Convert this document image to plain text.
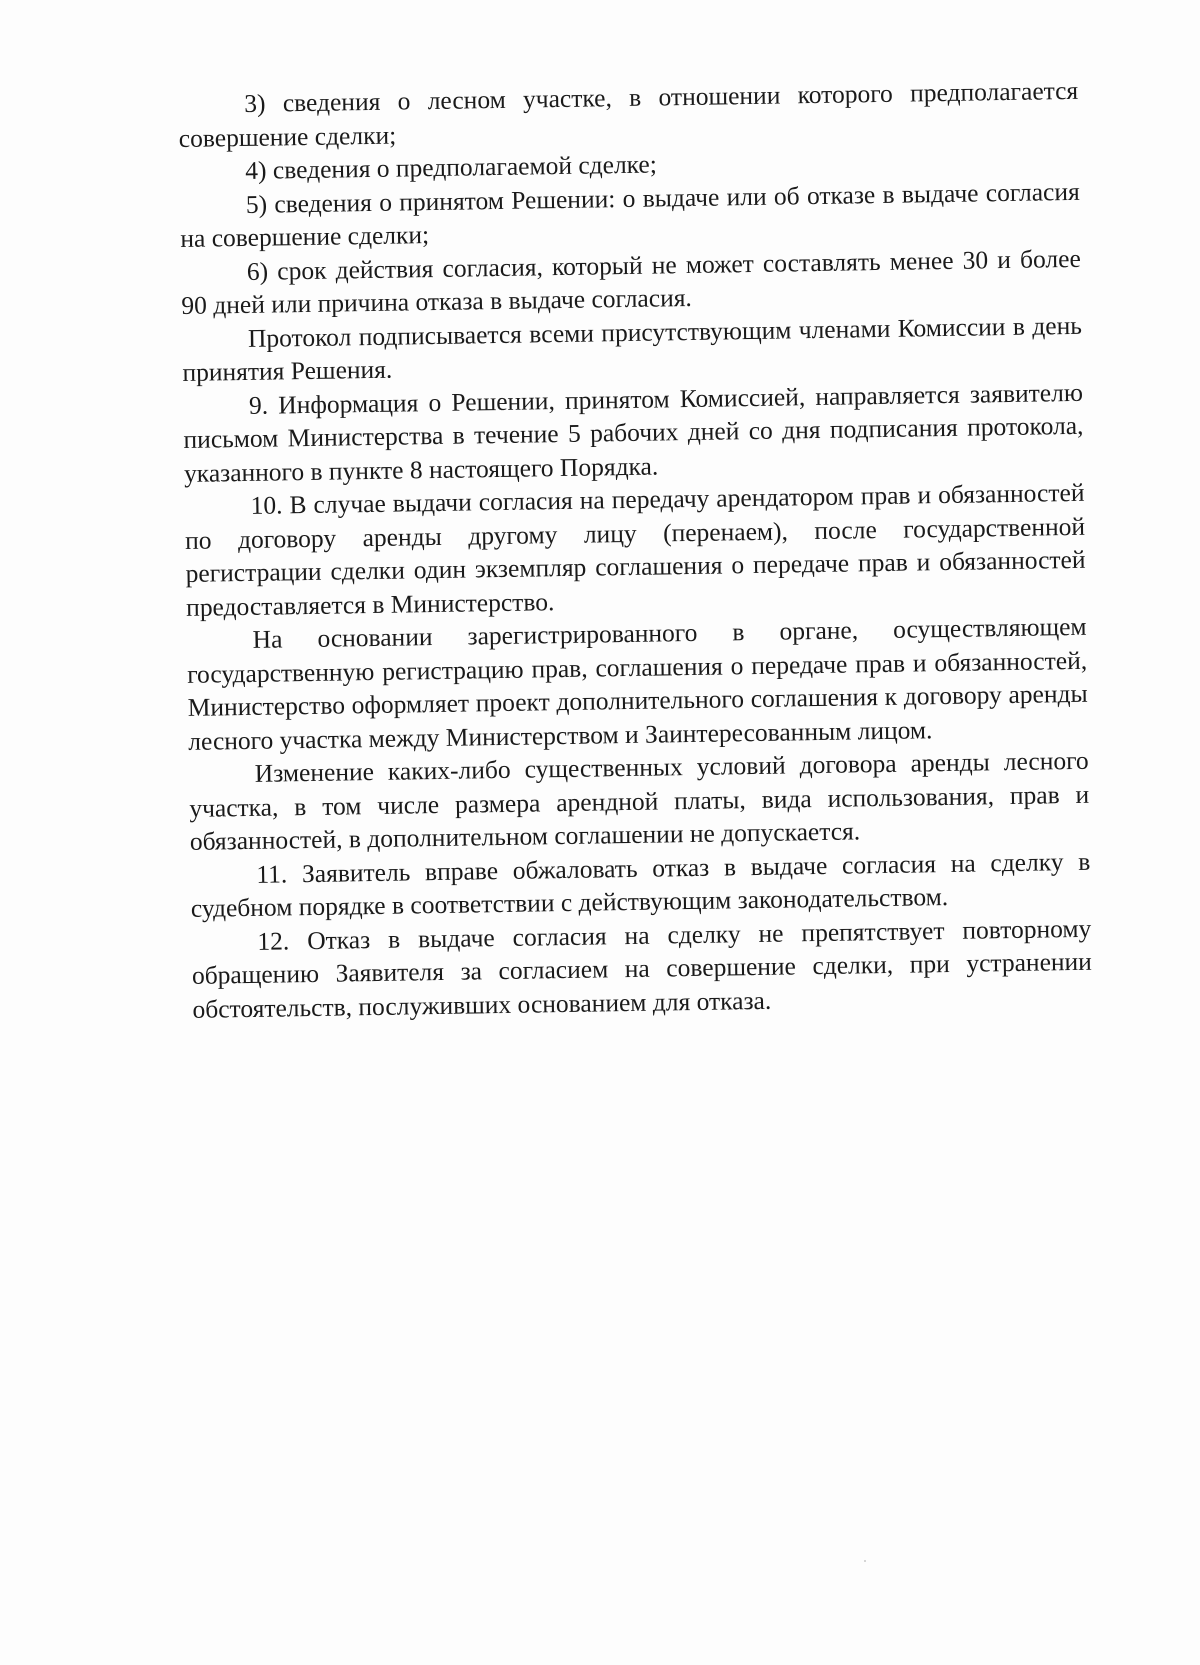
3) сведения о лесном участке, в отношении которого предполагается совершение сделки;

4) сведения о предполагаемой сделке;

5) сведения о принятом Решении: о выдаче или об отказе в выдаче согласия на совершение сделки;

6) срок действия согласия, который не может составлять менее 30 и более 90 дней или причина отказа в выдаче согласия.

Протокол подписывается всеми присутствующим членами Комиссии в день принятия Решения.

9. Информация о Решении, принятом Комиссией, направляется заявителю письмом Министерства в течение 5 рабочих дней со дня подписания протокола, указанного в пункте 8 настоящего Порядка.

10. В случае выдачи согласия на передачу арендатором прав и обязанностей по договору аренды другому лицу (перенаем), после государственной регистрации сделки один экземпляр соглашения о передаче прав и обязанностей предоставляется в Министерство.

На основании зарегистрированного в органе, осуществляющем государственную регистрацию прав, соглашения о передаче прав и обязанностей, Министерство оформляет проект дополнительного соглашения к договору аренды лесного участка между Министерством и Заинтересованным лицом.

Изменение каких-либо существенных условий договора аренды лесного участка, в том числе размера арендной платы, вида использования, прав и обязанностей, в дополнительном соглашении не допускается.

11. Заявитель вправе обжаловать отказ в выдаче согласия на сделку в судебном порядке в соответствии с действующим законодательством.

12. Отказ в выдаче согласия на сделку не препятствует повторному обращению Заявителя за согласием на совершение сделки, при устранении обстоятельств, послуживших основанием для отказа.
